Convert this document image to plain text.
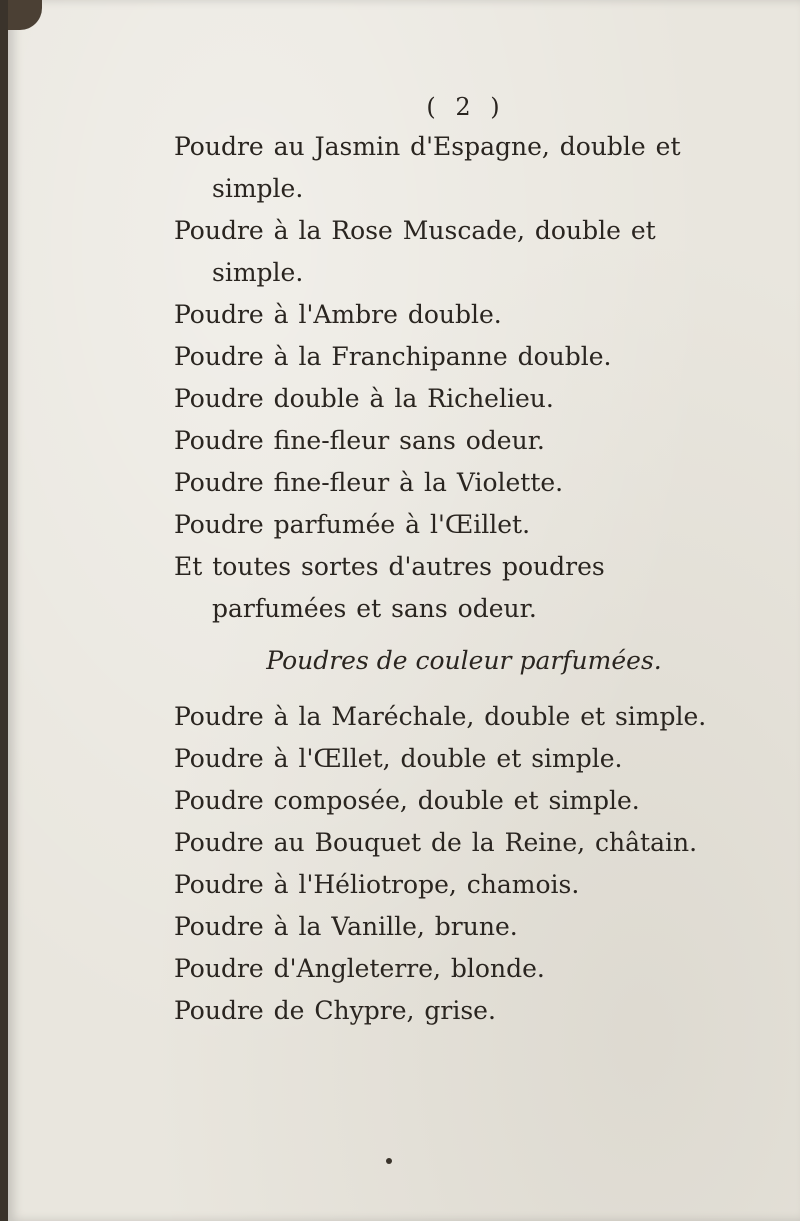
( 2 )
Poudre au Jasmin d'Espagne, double et simple.
Poudre à la Rose Muscade, double et simple.
Poudre à l'Ambre double.
Poudre à la Franchipanne double.
Poudre double à la Richelieu.
Poudre fine-fleur sans odeur.
Poudre fine-fleur à la Violette.
Poudre parfumée à l'Œillet.
Et toutes sortes d'autres poudres parfumées et sans odeur.
Poudres de couleur parfumées.
Poudre à la Maréchale, double et simple.
Poudre à l'Œllet, double et simple.
Poudre composée, double et simple.
Poudre au Bouquet de la Reine, châtain.
Poudre à l'Héliotrope, chamois.
Poudre à la Vanille, brune.
Poudre d'Angleterre, blonde.
Poudre de Chypre, grise.
